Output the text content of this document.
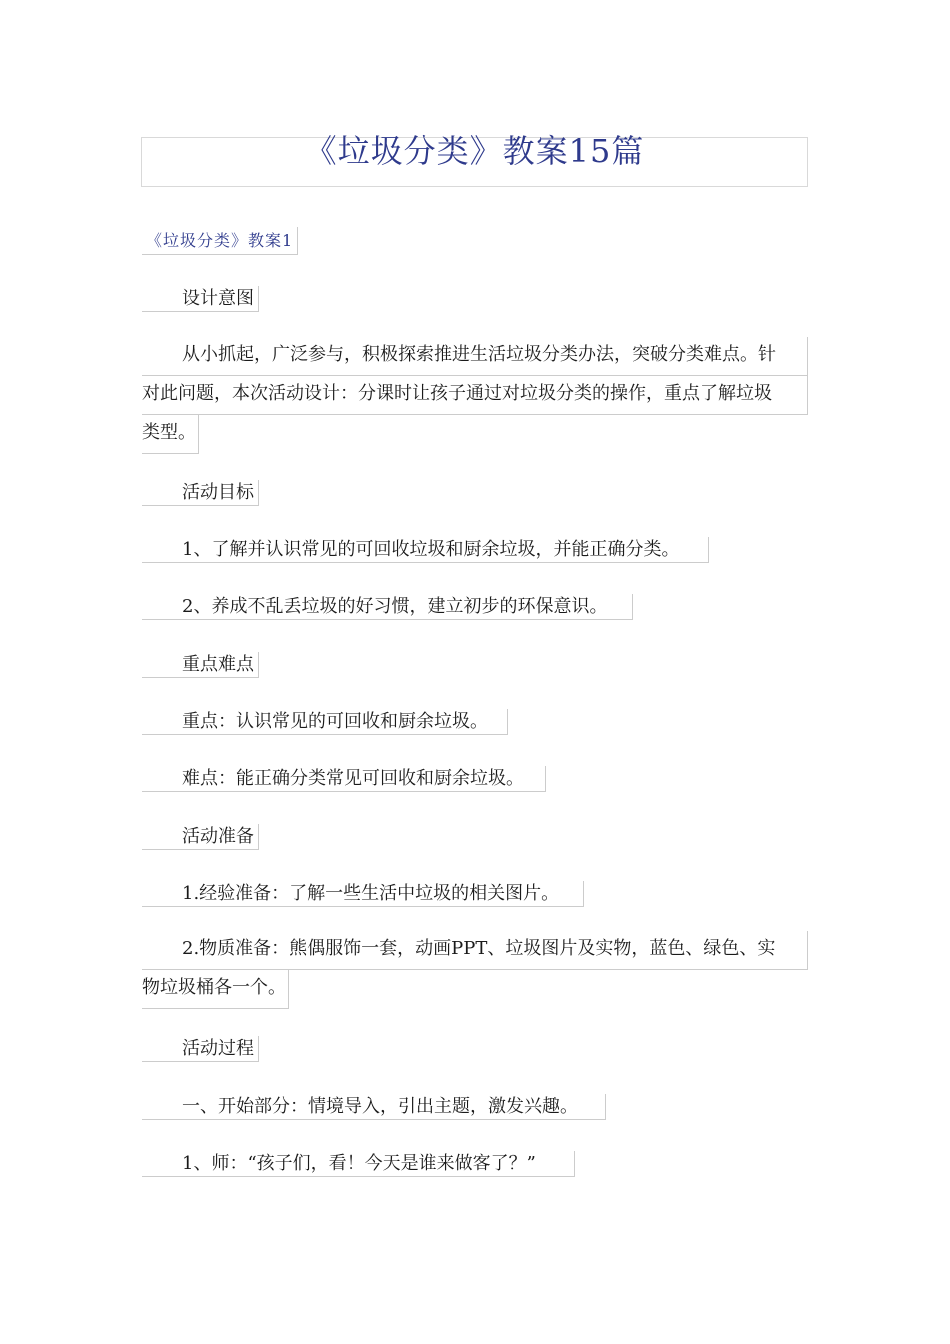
《垃圾分类》教案15篇
《垃圾分类》教案1
设计意图
从小抓起，广泛参与，积极探索推进生活垃圾分类办法，突破分类难点。针
对此问题，本次活动设计：分课时让孩子通过对垃圾分类的操作，重点了解垃圾
类型。
活动目标
1、了解并认识常见的可回收垃圾和厨余垃圾，并能正确分类。
2、养成不乱丢垃圾的好习惯，建立初步的环保意识。
重点难点
重点：认识常见的可回收和厨余垃圾。
难点：能正确分类常见可回收和厨余垃圾。
活动准备
1.经验准备：了解一些生活中垃圾的相关图片。
2.物质准备：熊偶服饰一套，动画PPT、垃圾图片及实物，蓝色、绿色、实
物垃圾桶各一个。
活动过程
一、开始部分：情境导入，引出主题，激发兴趣。
1、师：“孩子们，看！今天是谁来做客了？”
